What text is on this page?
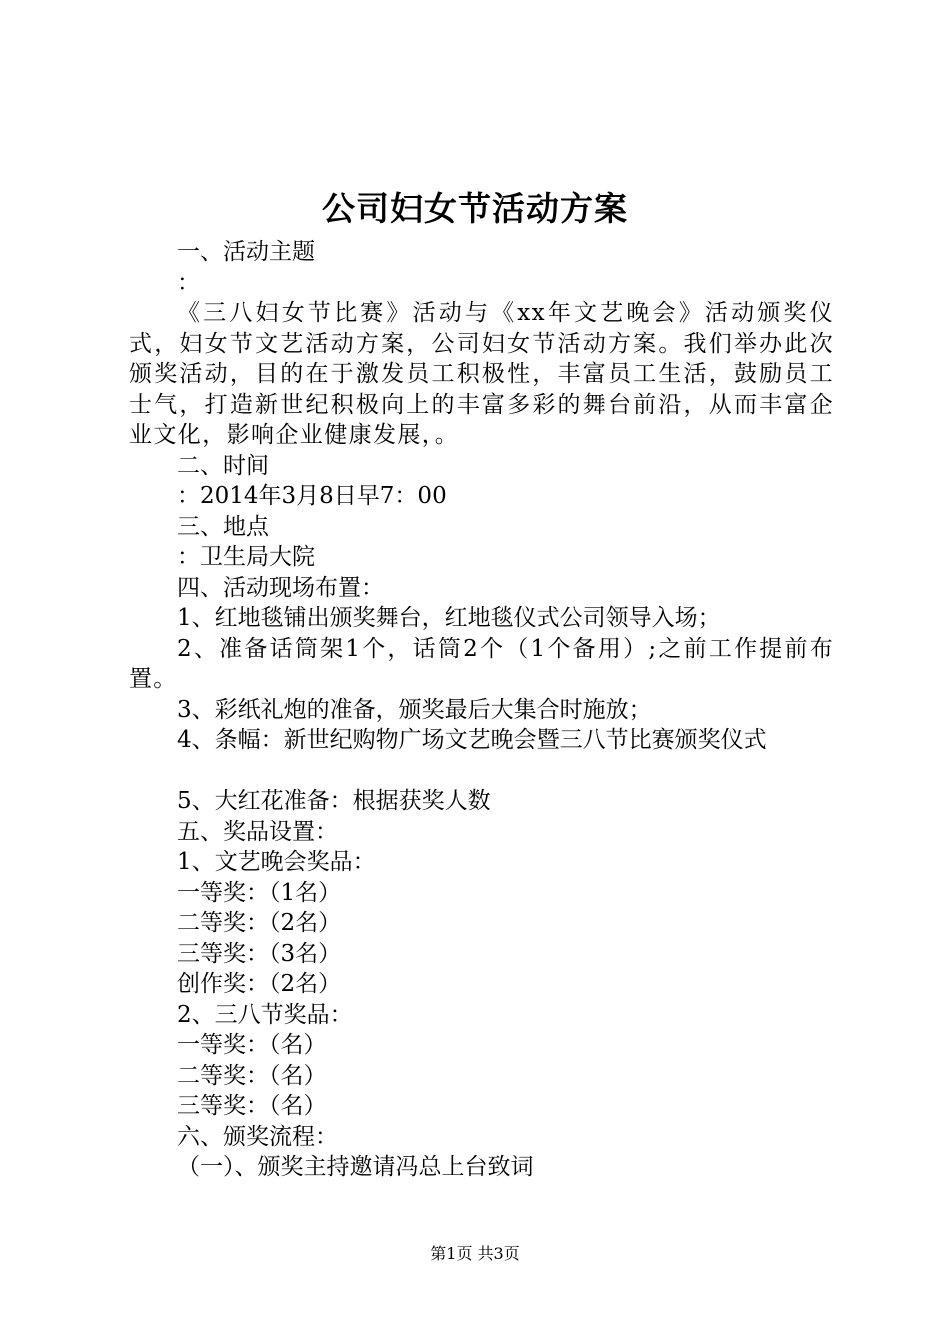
公司妇女节活动方案
一、活动主题
：
《三八妇女节比赛》活动与《xx年文艺晚会》活动颁奖仪式，妇女节文艺活动方案，公司妇女节活动方案。我们举办此次颁奖活动，目的在于激发员工积极性，丰富员工生活，鼓励员工士气，打造新世纪积极向上的丰富多彩的舞台前沿，从而丰富企业文化，影响企业健康发展，。
二、时间
：2014年3月8日早7：00
三、地点
：卫生局大院
四、活动现场布置：
1、红地毯铺出颁奖舞台，红地毯仪式公司领导入场；
2、准备话筒架1个，话筒2个（1个备用）;之前工作提前布置。
3、彩纸礼炮的准备，颁奖最后大集合时施放；
4、条幅：新世纪购物广场文艺晚会暨三八节比赛颁奖仪式
5、大红花准备：根据获奖人数
五、奖品设置：
1、文艺晚会奖品：
一等奖：（1名）
二等奖：（2名）
三等奖：（3名）
创作奖：（2名）
2、三八节奖品：
一等奖：（名）
二等奖：（名）
三等奖：（名）
六、颁奖流程：
（一）、颁奖主持邀请冯总上台致词
第1页 共3页
